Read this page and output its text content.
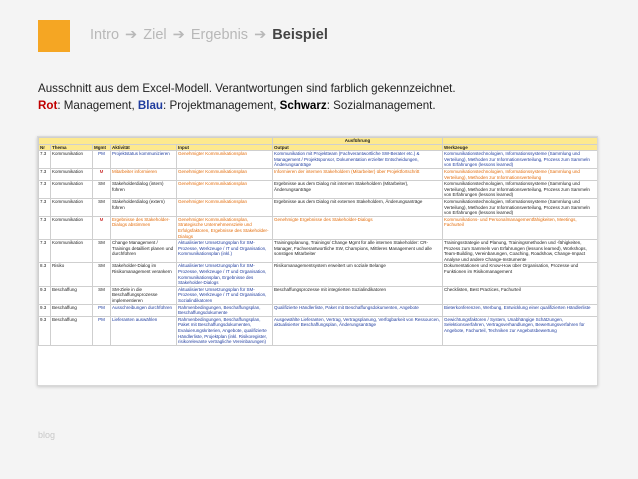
Intro ➔ Ziel ➔ Ergebnis ➔ Beispiel
Ausschnitt aus dem Excel-Modell. Verantwortungen sind farblich gekennzeichnet.
Rot: Management, Blau: Projektmanagement, Schwarz: Sozialmanagement.
					Ausführung	
Nr	Thema	Mgmt	Aktivität	Input	Output	Werkzeuge
7.3	Kommunikation	PM	Projektstatus kommunizieren	Genehmigter Kommunikationsplan	Kommunikation mit Projektteam (Fachverantwortliche SW-Berater etc.) & Management / Projektsponsor, Dokumentation erzielter Entscheidungen, Änderungsanträge	Kommunikationstechnologien, Informationssysteme (Sammlung und Verteilung), Methoden zur Informationsverteilung, Prozess zum Sammeln von Erfahrungen (lessons learned)
7.3	Kommunikation	M	Mitarbeiter informieren	Genehmigter Kommunikationsplan	Informieren der internen Stakeholdern (Mitarbeiter) über Projektfortschritt	Kommunikationstechnologien, Informationssysteme (Sammlung und Verteilung), Methoden zur Informationsverteilung
7.3	Kommunikation	SM	Stakeholderdialog (intern) führen	Genehmigter Kommunikationsplan	Ergebnisse aus dem Dialog mit internen Stakeholdern (Mitarbeiter), Änderungsanträge	Kommunikationstechnologien, Informationssysteme (Sammlung und Verteilung), Methoden zur Informationsverteilung, Prozess zum Sammeln von Erfahrungen (lessons learned)
7.3	Kommunikation	SM	Stakeholderdialog (extern) führen	Genehmigter Kommunikationsplan	Ergebnisse aus dem Dialog mit externen Stakeholdern, Änderungsanträge	Kommunikationstechnologien, Informationssysteme (Sammlung und Verteilung), Methoden zur Informationsverteilung, Prozess zum Sammeln von Erfahrungen (lessons learned)
7.3	Kommunikation	M	Ergebnisse des Stakeholder-Dialogs abstimmen	Genehmigter Kommunikationsplan, Strategische Unternehmensziele und Erfolgsfaktoren, Ergebnisse des Stakeholder-Dialogs	Genehmigte Ergebnisse des Stakeholder-Dialogs	Kommunikations- und Personalmanagementfähigkeiten, Meetings, Fachurteil
7.3	Kommunikation	SM	Change Management / Trainings detailliert planen und durchführen	Aktualisierter Umsetzungsplan für SM-Prozesse, Werkzeuge / IT und Organisation, Kommunikationsplan (inkl.)	Trainingsplanung, Trainings/ Change Mgmt für alle internen Stakeholder: CR-Manager, Fachverantwortliche SW, Champions, Mittleres Management und alle sonstigen Mitarbeiter	Trainingsstrategie und Planung, Trainingsmethoden und -fähigkeiten, Prozess zum Sammeln von Erfahrungen (lessons learned), Workshops, Team-Building, Vereinbarungen, Coaching, Roadshow, Change-Impact Analyse und andere Change-Instrumente
8.3	Risiko	SM	Stakeholder-Dialog im Risikomanagement verankern	Aktualisierter Umsetzungsplan für SM-Prozesse, Werkzeuge / IT und Organisation, Kommunikationsplan, Ergebnisse des Stakeholder-Dialogs	Risikomanagementsystem erweitert um soziale Belange	Dokumentationen und Know-How über Organisation, Prozesse und Funktionen im Risikomanagement
9.3	Beschaffung	SM	SM-Ziele in die Beschaffungsprozesse implementieren	Aktualisierter Umsetzungsplan für SM-Prozesse, Werkzeuge / IT und Organisation, Sozialindikatoren	Beschaffungsprozesse mit integrierten Sozialindikatoren	Checklisten, Best Practices, Fachurteil
9.3	Beschaffung	PM	Ausschreibungen durchführen	Rahmenbedingungen, Beschaffungsplan, Beschaffungsdokumente	Qualifizierte Händlerliste, Paket mit Beschaffungsdokumenten, Angebote	Bieterkonferenzen, Werbung, Entwicklung einer qualifizierten Händlerliste
9.3	Beschaffung	PM	Lieferanten auswählen	Rahmenbedingungen, Beschaffungsplan, Paket mit Beschaffungsdokumenten, Evaluierungskriterien, Angebote, qualifizierte Händlerliste, Projektplan (inkl. Risikoregister, risikorelevante vertragliche Vereinbarungen)	Ausgewählte Lieferanten, Vertrag, Vertragsplanung, Verfügbarkeit von Ressourcen, aktualisierter Beschaffungsplan, Änderungsanträge	Gewichtungsfaktoren / System, Unabhängige Schätzungen, Selektionsverfahren, Vertragsverhandlungen, Bewertungsverfahren für Angebote, Fachurteil, Techniken zur Angebotsbewertung
blog
